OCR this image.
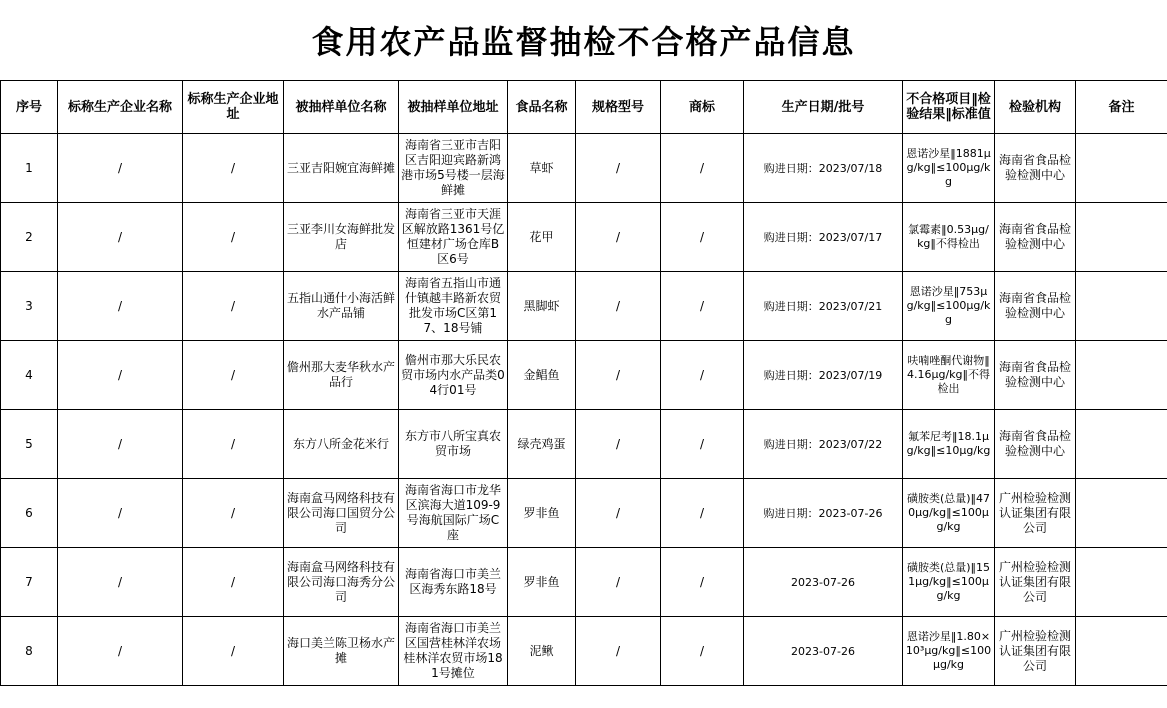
食用农产品监督抽检不合格产品信息
序号	标称生产企业名称	标称生产企业地址	被抽样单位名称	被抽样单位地址	食品名称	规格型号	商标	生产日期/批号	不合格项目‖检验结果‖标准值	检验机构	备注
1	/	/	三亚吉阳婉宜海鲜摊	海南省三亚市吉阳区吉阳迎宾路新鸿港市场5号楼一层海鲜摊	草虾	/	/	购进日期：2023/07/18	恩诺沙星‖1881μg/kg‖≤100μg/kg	海南省食品检验检测中心	
2	/	/	三亚李川女海鲜批发店	海南省三亚市天涯区解放路1361号亿恒建材广场仓库B区6号	花甲	/	/	购进日期：2023/07/17	氯霉素‖0.53μg/kg‖不得检出	海南省食品检验检测中心	
3	/	/	五指山通什小海活鲜水产品铺	海南省五指山市通什镇越丰路新农贸批发市场C区第17、18号铺	黑脚虾	/	/	购进日期：2023/07/21	恩诺沙星‖753μg/kg‖≤100μg/kg	海南省食品检验检测中心	
4	/	/	儋州那大麦华秋水产品行	儋州市那大乐民农贸市场内水产品类04行01号	金鲳鱼	/	/	购进日期：2023/07/19	呋喃唑酮代谢物‖4.16μg/kg‖不得检出	海南省食品检验检测中心	
5	/	/	东方八所金花米行	东方市八所宝真农贸市场	绿壳鸡蛋	/	/	购进日期：2023/07/22	氟苯尼考‖18.1μg/kg‖≤10μg/kg	海南省食品检验检测中心	
6	/	/	海南盒马网络科技有限公司海口国贸分公司	海南省海口市龙华区滨海大道109-9号海航国际广场C座	罗非鱼	/	/	购进日期：2023-07-26	磺胺类(总量)‖470μg/kg‖≤100μg/kg	广州检验检测认证集团有限公司	
7	/	/	海南盒马网络科技有限公司海口海秀分公司	海南省海口市美兰区海秀东路18号	罗非鱼	/	/	2023-07-26	磺胺类(总量)‖151μg/kg‖≤100μg/kg	广州检验检测认证集团有限公司	
8	/	/	海口美兰陈卫杨水产摊	海南省海口市美兰区国营桂林洋农场桂林洋农贸市场181号摊位	泥鳅	/	/	2023-07-26	恩诺沙星‖1.80×10³μg/kg‖≤100μg/kg	广州检验检测认证集团有限公司	
